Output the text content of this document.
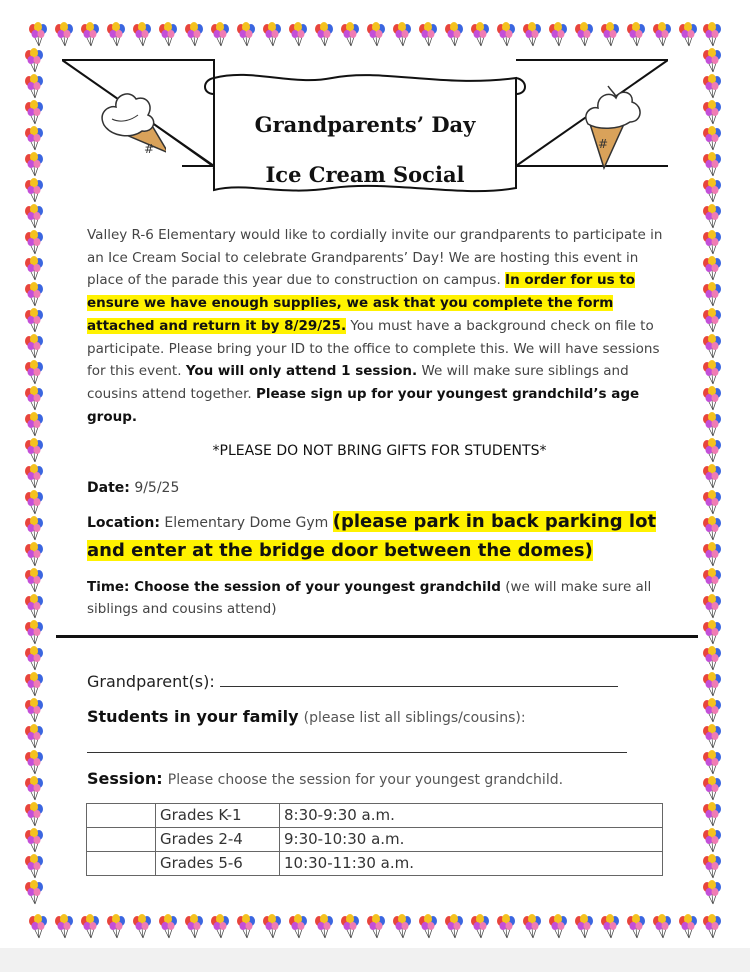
#	#
Grandparents’ Day
Ice Cream Social
Valley R-6 Elementary would like to cordially invite our grandparents to participate in an Ice Cream Social to celebrate Grandparents’ Day! We are hosting this event in place of the parade this year due to construction on campus. In order for us to ensure we have enough supplies, we ask that you complete the form attached and return it by 8/29/25. You must have a background check on file to participate. Please bring your ID to the office to complete this. We will have sessions for this event. You will only attend 1 session. We will make sure siblings and cousins attend together. Please sign up for your youngest grandchild’s age group.
*PLEASE DO NOT BRING GIFTS FOR STUDENTS*
Date: 9/5/25
Location: Elementary Dome Gym (please park in back parking lot and enter at the bridge door between the domes)
Time: Choose the session of your youngest grandchild (we will make sure all siblings and cousins attend)
Grandparent(s):
Students in your family (please list all siblings/cousins):
Session: Please choose the session for your youngest grandchild.
	Grades K-1	8:30-9:30 a.m.
	Grades 2-4	9:30-10:30 a.m.
	Grades 5-6	10:30-11:30 a.m.
